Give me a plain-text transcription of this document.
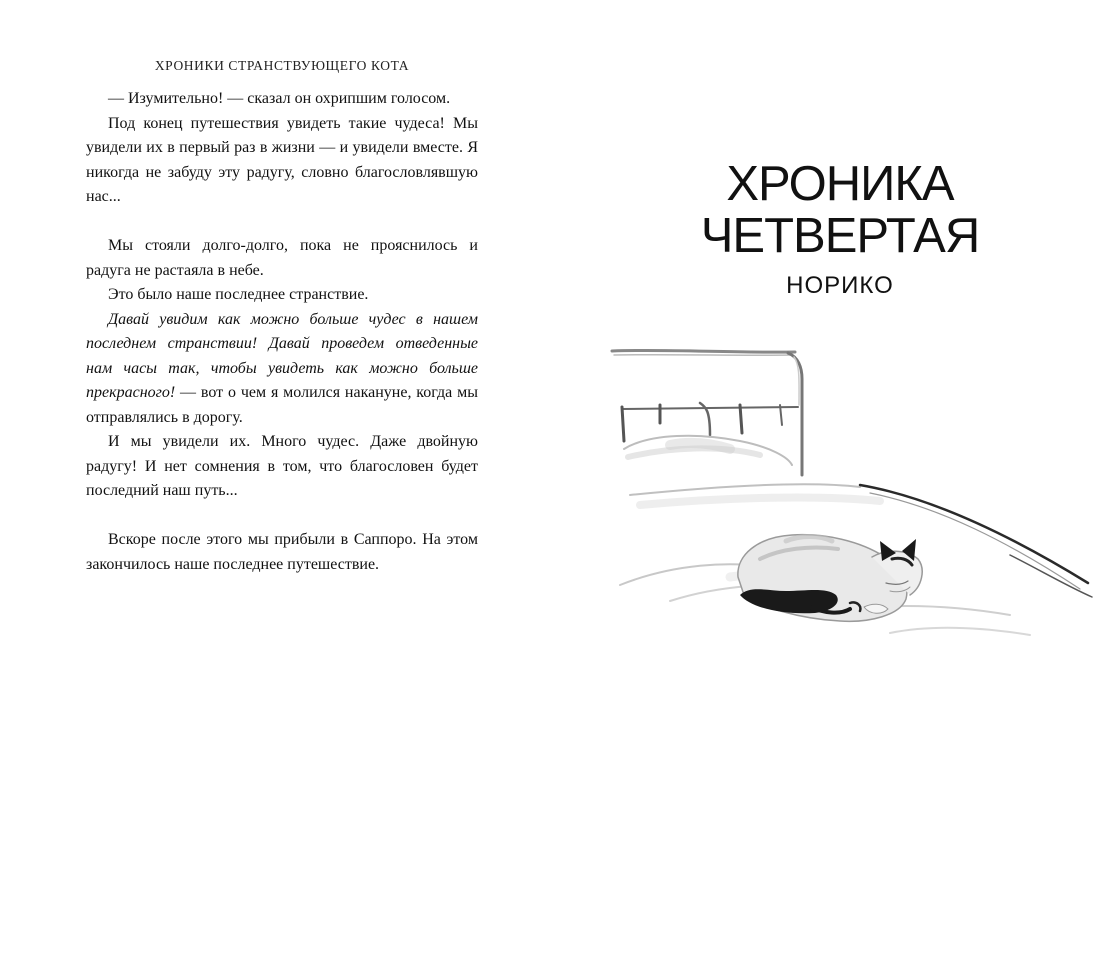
ХРОНИКИ СТРАНСТВУЮЩЕГО КОТА

— Изумительно! — сказал он охрипшим голосом.

Под конец путешествия увидеть такие чудеса! Мы увидели их в первый раз в жизни — и увидели вместе. Я никогда не забуду эту радугу, словно благословлявшую нас...

Мы стояли долго-долго, пока не прояснилось и радуга не растаяла в небе.

Это было наше последнее странствие.

Давай увидим как можно больше чудес в нашем последнем странствии! Давай проведем отведенные нам часы так, чтобы увидеть как можно больше прекрасного! — вот о чем я молился накануне, когда мы отправлялись в дорогу.

И мы увидели их. Много чудес. Даже двойную радугу! И нет сомнения в том, что благословен будет последний наш путь...

Вскоре после этого мы прибыли в Саппоро. На этом закончилось наше последнее путешествие.

ХРОНИКА
ЧЕТВЕРТАЯ
НОРИКО
